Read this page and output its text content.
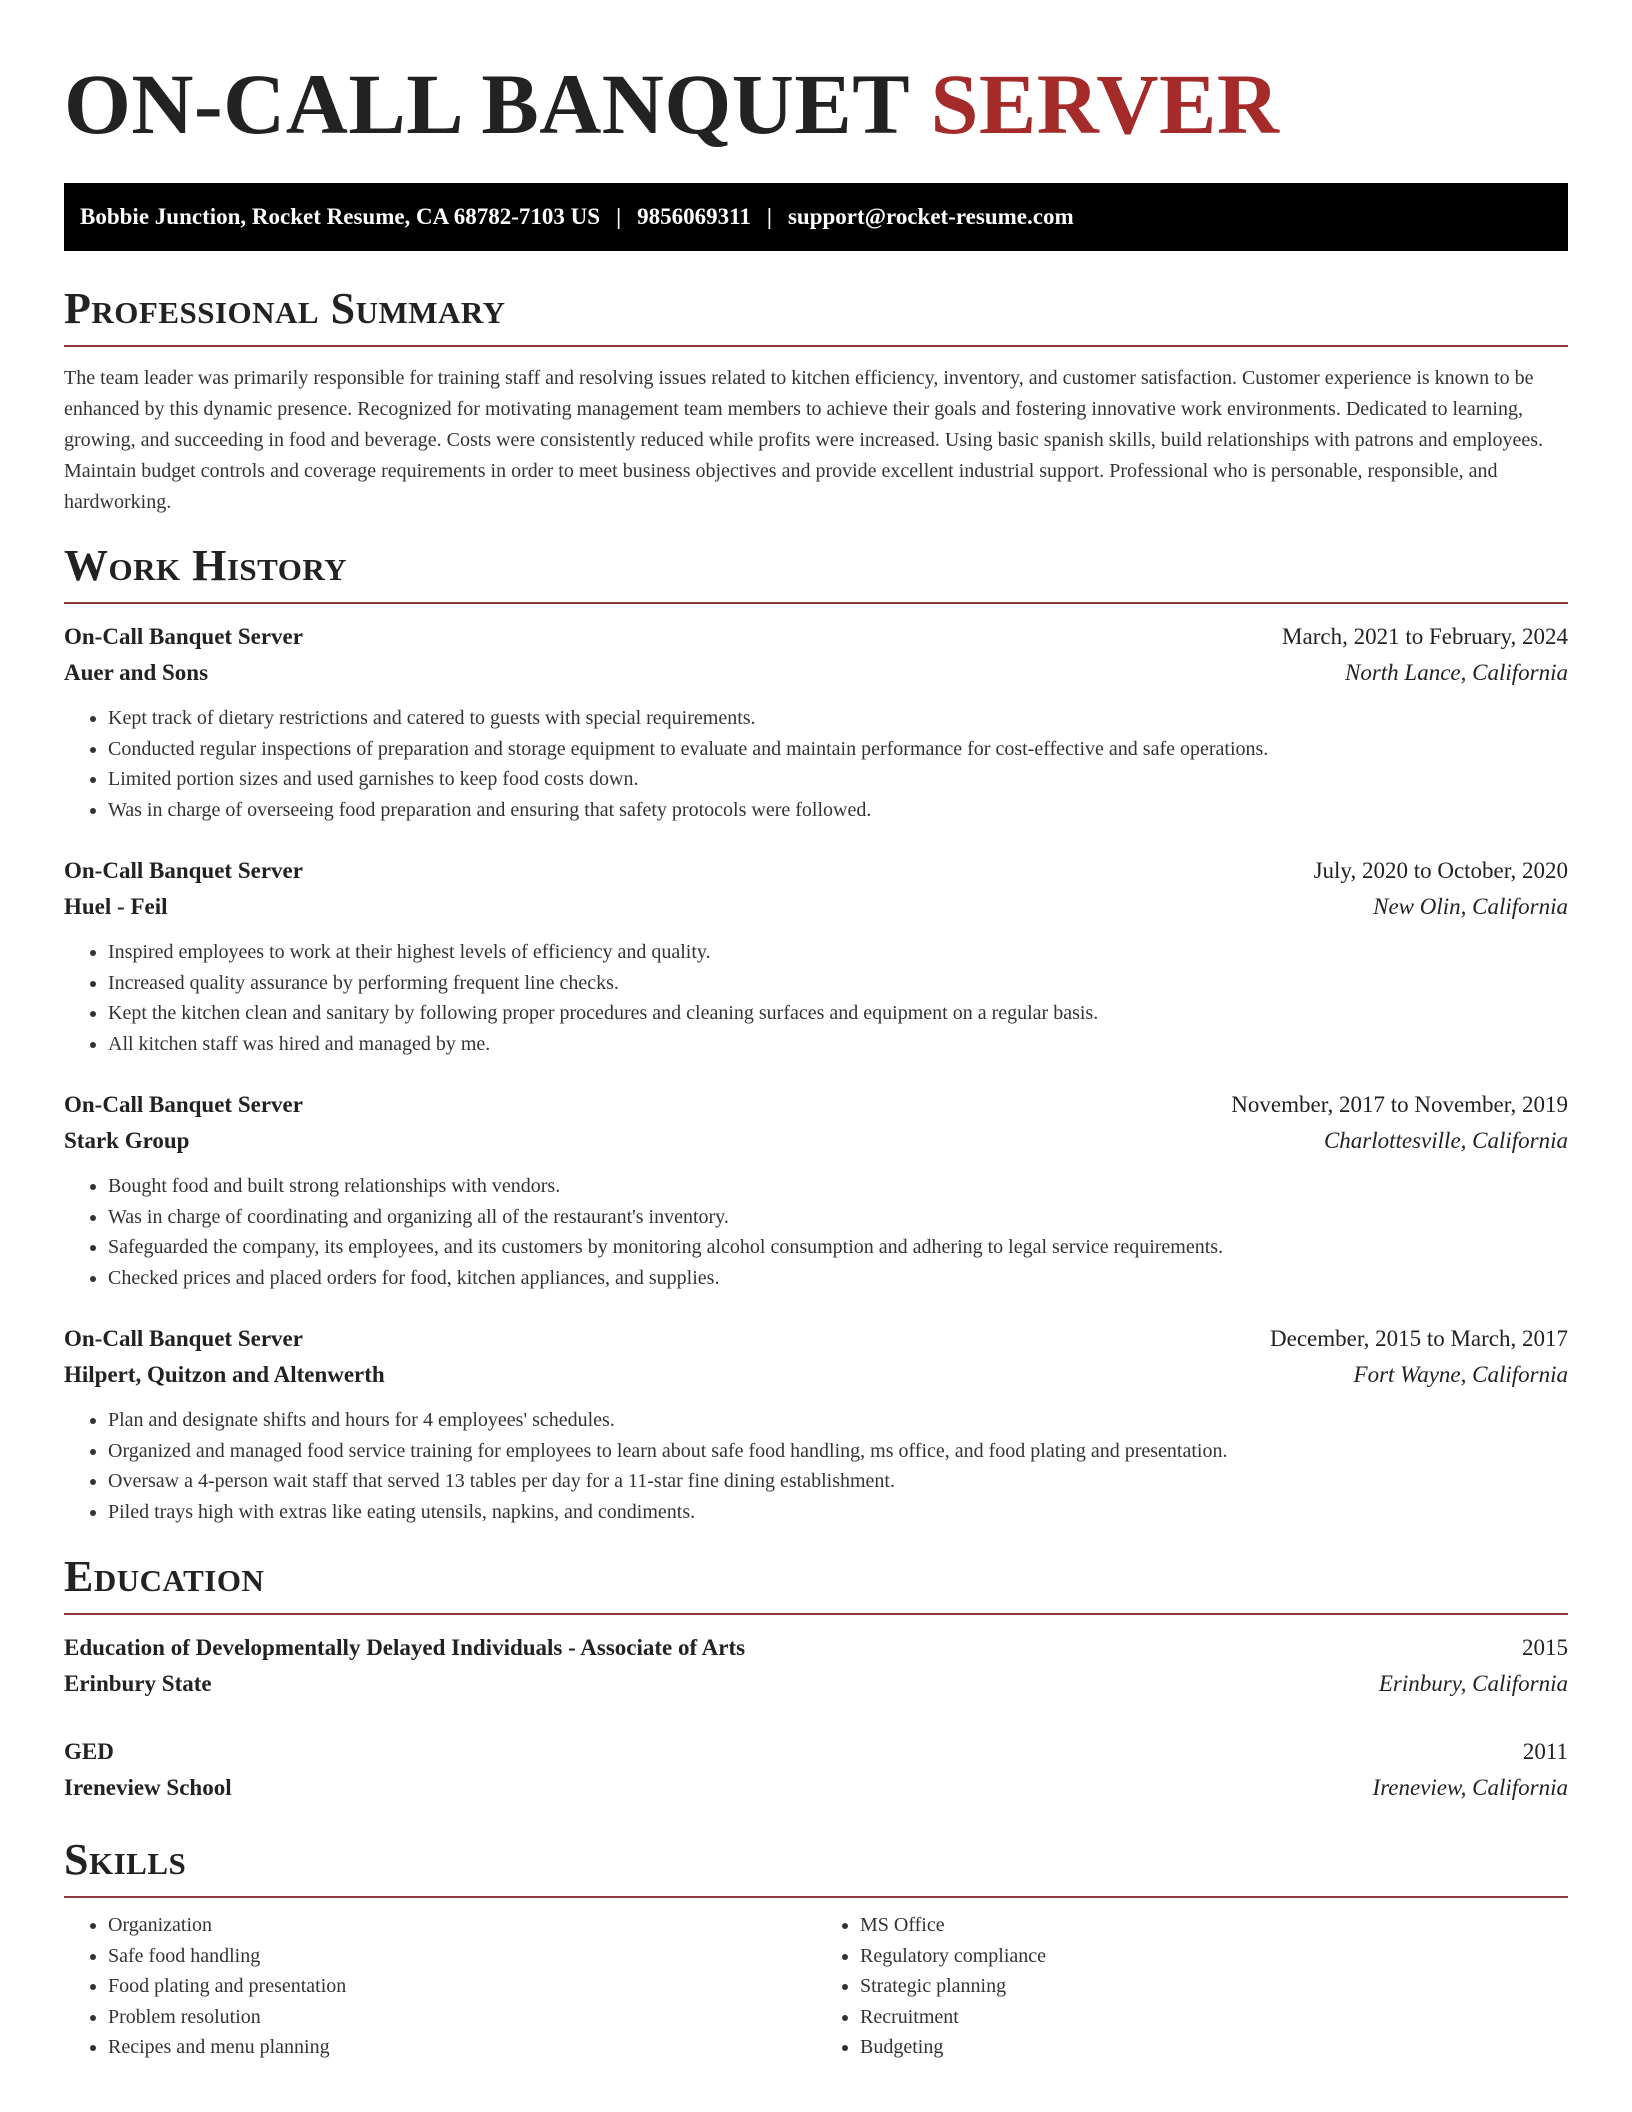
ON-CALL BANQUET SERVER
Bobbie Junction, Rocket Resume, CA 68782-7103 US | 9856069311 | support@rocket-resume.com
Professional Summary

The team leader was primarily responsible for training staff and resolving issues related to kitchen efficiency, inventory, and customer satisfaction. Customer experience is known to be enhanced by this dynamic presence. Recognized for motivating management team members to achieve their goals and fostering innovative work environments. Dedicated to learning, growing, and succeeding in food and beverage. Costs were consistently reduced while profits were increased. Using basic spanish skills, build relationships with patrons and employees. Maintain budget controls and coverage requirements in order to meet business objectives and provide excellent industrial support. Professional who is personable, responsible, and hardworking.

Work History
On-Call Banquet Server	March, 2021 to February, 2024
Auer and Sons	North Lance, California
• Kept track of dietary restrictions and catered to guests with special requirements.
• Conducted regular inspections of preparation and storage equipment to evaluate and maintain performance for cost-effective and safe operations.
• Limited portion sizes and used garnishes to keep food costs down.
• Was in charge of overseeing food preparation and ensuring that safety protocols were followed.
On-Call Banquet Server	July, 2020 to October, 2020
Huel - Feil	New Olin, California
• Inspired employees to work at their highest levels of efficiency and quality.
• Increased quality assurance by performing frequent line checks.
• Kept the kitchen clean and sanitary by following proper procedures and cleaning surfaces and equipment on a regular basis.
• All kitchen staff was hired and managed by me.
On-Call Banquet Server	November, 2017 to November, 2019
Stark Group	Charlottesville, California
• Bought food and built strong relationships with vendors.
• Was in charge of coordinating and organizing all of the restaurant's inventory.
• Safeguarded the company, its employees, and its customers by monitoring alcohol consumption and adhering to legal service requirements.
• Checked prices and placed orders for food, kitchen appliances, and supplies.
On-Call Banquet Server	December, 2015 to March, 2017
Hilpert, Quitzon and Altenwerth	Fort Wayne, California
• Plan and designate shifts and hours for 4 employees' schedules.
• Organized and managed food service training for employees to learn about safe food handling, ms office, and food plating and presentation.
• Oversaw a 4-person wait staff that served 13 tables per day for a 11-star fine dining establishment.
• Piled trays high with extras like eating utensils, napkins, and condiments.
Education
Education of Developmentally Delayed Individuals - Associate of Arts	2015
Erinbury State	Erinbury, California
GED	2011
Ireneview School	Ireneview, California
Skills
• Organization
• Safe food handling
• Food plating and presentation
• Problem resolution
• Recipes and menu planning
• MS Office
• Regulatory compliance
• Strategic planning
• Recruitment
• Budgeting
